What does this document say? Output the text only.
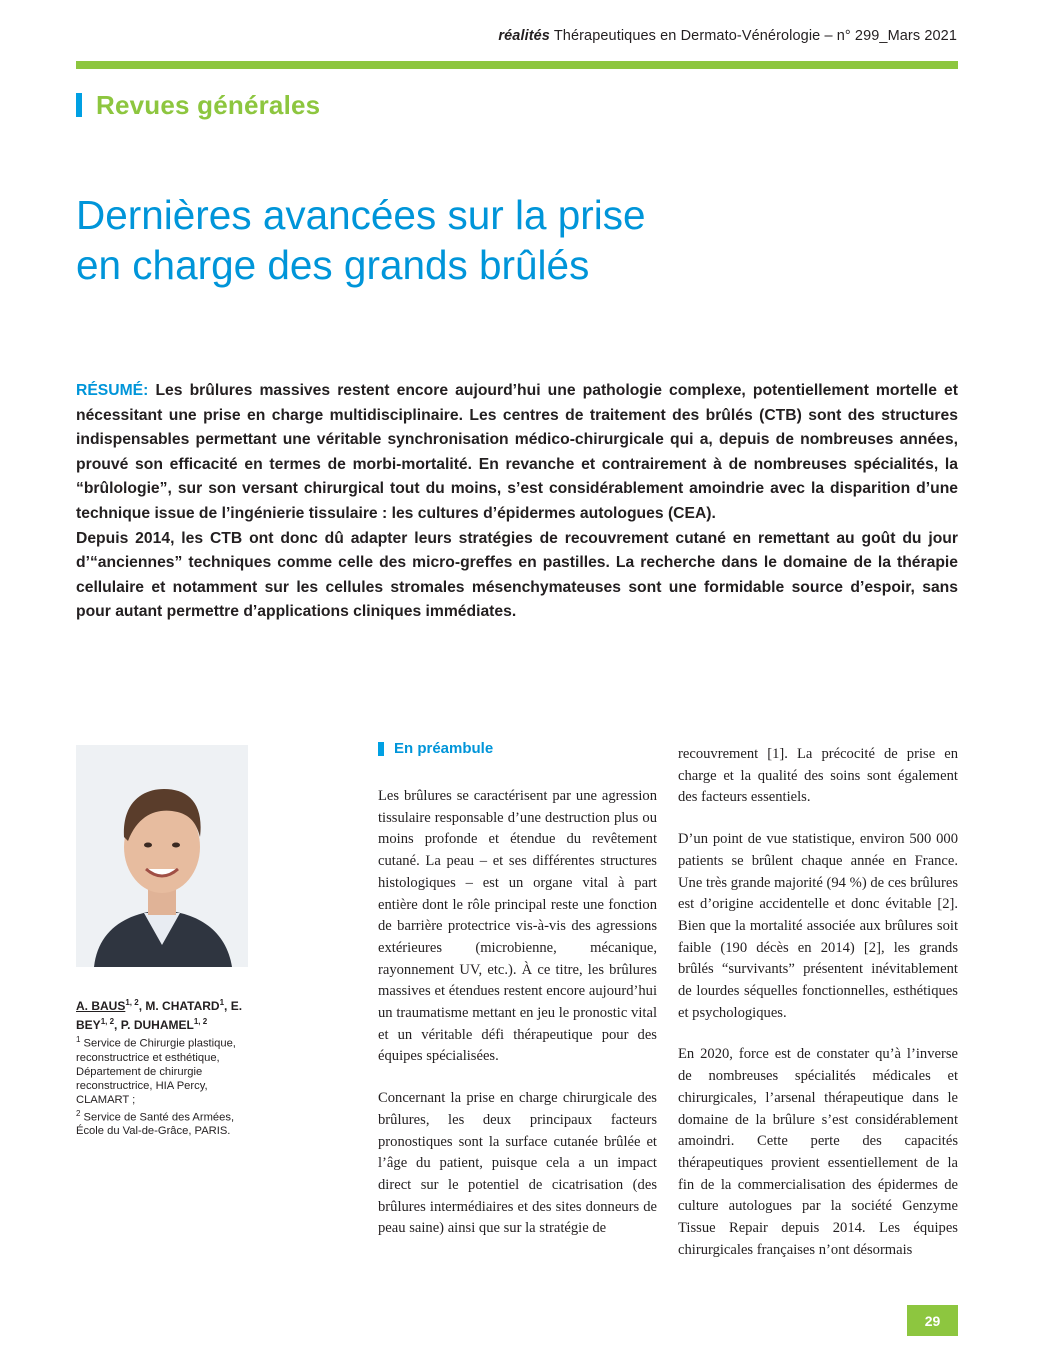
réalités Thérapeutiques en Dermato-Vénérologie – n° 299_Mars 2021
Revues générales
Dernières avancées sur la prise
en charge des grands brûlés

RÉSUMÉ: Les brûlures massives restent encore aujourd’hui une pathologie complexe, potentiellement mortelle et nécessitant une prise en charge multidisciplinaire. Les centres de traitement des brûlés (CTB) sont des structures indispensables permettant une véritable synchronisation médico-chirurgicale qui a, depuis de nombreuses années, prouvé son efficacité en termes de morbi-mortalité. En revanche et contrairement à de nombreuses spécialités, la “brûlologie”, sur son versant chirurgical tout du moins, s’est considérablement amoindrie avec la disparition d’une technique issue de l’ingénierie tissulaire : les cultures d’épidermes autologues (CEA).

Depuis 2014, les CTB ont donc dû adapter leurs stratégies de recouvrement cutané en remettant au goût du jour d’“anciennes” techniques comme celle des micro-greffes en pastilles. La recherche dans le domaine de la thérapie cellulaire et notamment sur les cellules stromales mésenchymateuses sont une formidable source d’espoir, sans pour autant permettre d’applications cliniques immédiates.

A. BAUS$^{1, 2}$, M. CHATARD$^1$, E. BEY$^{1, 2}$, P. DUHAMEL$^{1, 2}$

$^1$ Service de Chirurgie plastique, reconstructrice et esthétique, Département de chirurgie reconstructrice, HIA Percy, CLAMART ;

$^2$ Service de Santé des Armées, École du Val-de-Grâce, PARIS.

En préambule

Les brûlures se caractérisent par une agression tissulaire responsable d’une destruction plus ou moins profonde et étendue du revêtement cutané. La peau – et ses différentes structures histologiques – est un organe vital à part entière dont le rôle principal reste une fonction de barrière protectrice vis-à-vis des agressions extérieures (microbienne, mécanique, rayonnement UV, etc.). À ce titre, les brûlures massives et étendues restent encore aujourd’hui un traumatisme mettant en jeu le pronostic vital et un véritable défi thérapeutique pour des équipes spécialisées.

Concernant la prise en charge chirurgicale des brûlures, les deux principaux facteurs pronostiques sont la surface cutanée brûlée et l’âge du patient, puisque cela a un impact direct sur le potentiel de cicatrisation (des brûlures intermédiaires et des sites donneurs de peau saine) ainsi que sur la stratégie de

recouvrement [1]. La précocité de prise en charge et la qualité des soins sont également des facteurs essentiels.

D’un point de vue statistique, environ 500 000 patients se brûlent chaque année en France. Une très grande majorité (94 %) de ces brûlures est d’origine accidentelle et donc évitable [2]. Bien que la mortalité associée aux brûlures soit faible (190 décès en 2014) [2], les grands brûlés “survivants” présentent inévitablement de lourdes séquelles fonctionnelles, esthétiques et psychologiques.

En 2020, force est de constater qu’à l’inverse de nombreuses spécialités médicales et chirurgicales, l’arsenal thérapeutique dans le domaine de la brûlure s’est considérablement amoindri. Cette perte des capacités thérapeutiques provient essentiellement de la fin de la commercialisation des épidermes de culture autologues par la société Genzyme Tissue Repair depuis 2014. Les équipes chirurgicales françaises n’ont désormais

29
